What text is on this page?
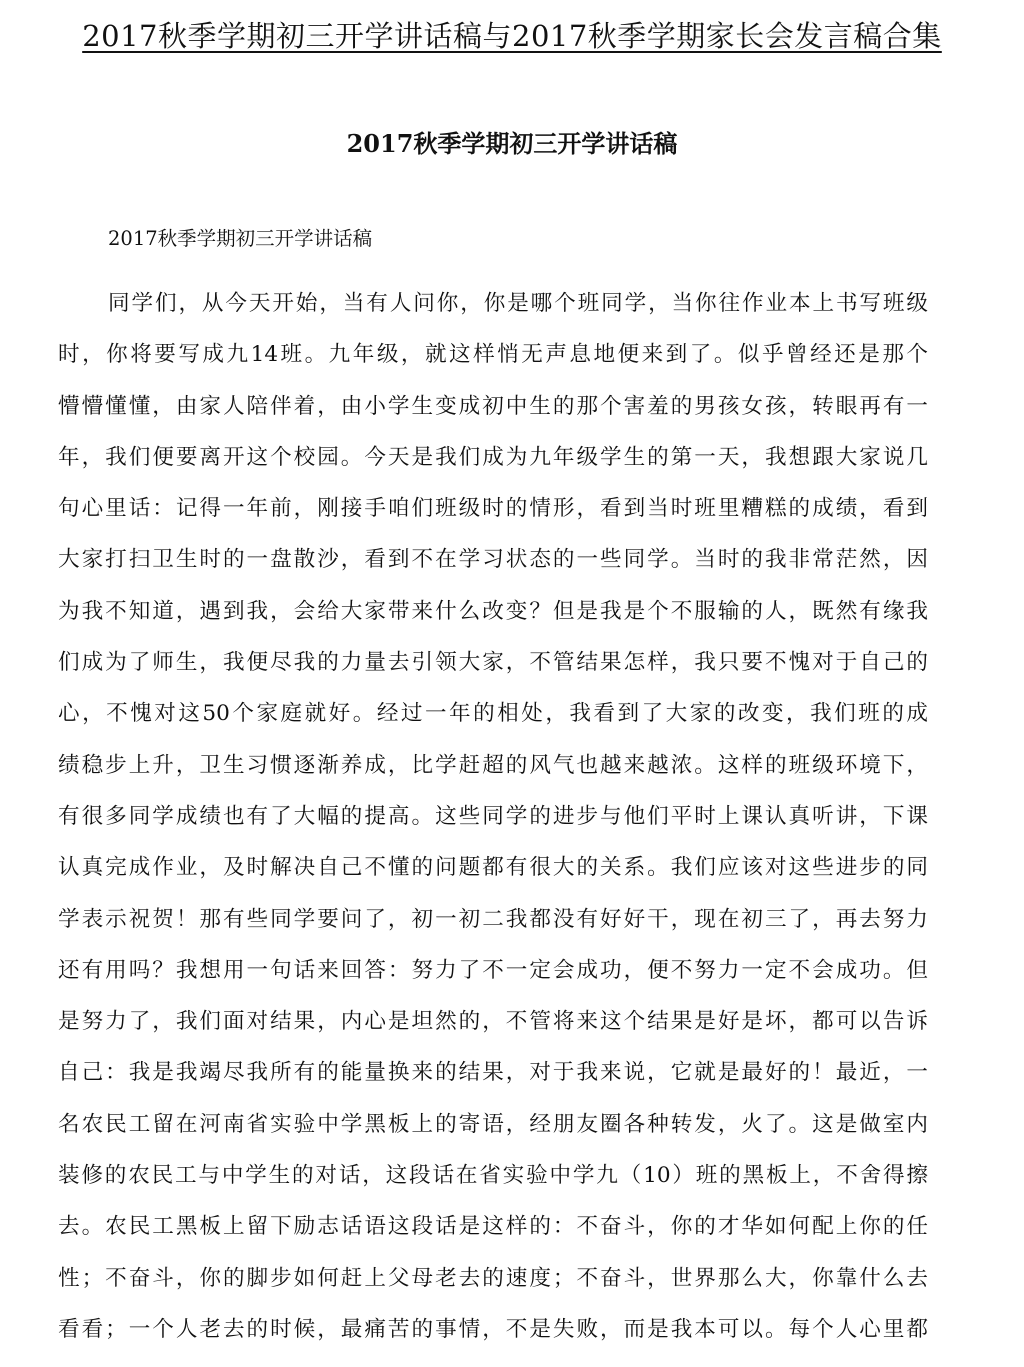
2017秋季学期初三开学讲话稿与2017秋季学期家长会发言稿合集
2017秋季学期初三开学讲话稿
2017秋季学期初三开学讲话稿
同学们，从今天开始，当有人问你，你是哪个班同学，当你往作业本上书写班级
时，你将要写成九14班。九年级，就这样悄无声息地便来到了。似乎曾经还是那个
懵懵懂懂，由家人陪伴着，由小学生变成初中生的那个害羞的男孩女孩，转眼再有一
年，我们便要离开这个校园。今天是我们成为九年级学生的第一天，我想跟大家说几
句心里话：记得一年前，刚接手咱们班级时的情形，看到当时班里糟糕的成绩，看到
大家打扫卫生时的一盘散沙，看到不在学习状态的一些同学。当时的我非常茫然，因
为我不知道，遇到我，会给大家带来什么改变？但是我是个不服输的人，既然有缘我
们成为了师生，我便尽我的力量去引领大家，不管结果怎样，我只要不愧对于自己的
心，不愧对这50个家庭就好。经过一年的相处，我看到了大家的改变，我们班的成
绩稳步上升，卫生习惯逐渐养成，比学赶超的风气也越来越浓。这样的班级环境下，
有很多同学成绩也有了大幅的提高。这些同学的进步与他们平时上课认真听讲，下课
认真完成作业，及时解决自己不懂的问题都有很大的关系。我们应该对这些进步的同
学表示祝贺！那有些同学要问了，初一初二我都没有好好干，现在初三了，再去努力
还有用吗？我想用一句话来回答：努力了不一定会成功，便不努力一定不会成功。但
是努力了，我们面对结果，内心是坦然的，不管将来这个结果是好是坏，都可以告诉
自己：我是我竭尽我所有的能量换来的结果，对于我来说，它就是最好的！最近，一
名农民工留在河南省实验中学黑板上的寄语，经朋友圈各种转发，火了。这是做室内
装修的农民工与中学生的对话，这段话在省实验中学九（10）班的黑板上，不舍得擦
去。农民工黑板上留下励志话语这段话是这样的：不奋斗，你的才华如何配上你的任
性；不奋斗，你的脚步如何赶上父母老去的速度；不奋斗，世界那么大，你靠什么去
看看；一个人老去的时候，最痛苦的事情，不是失败，而是我本可以。每个人心里都
